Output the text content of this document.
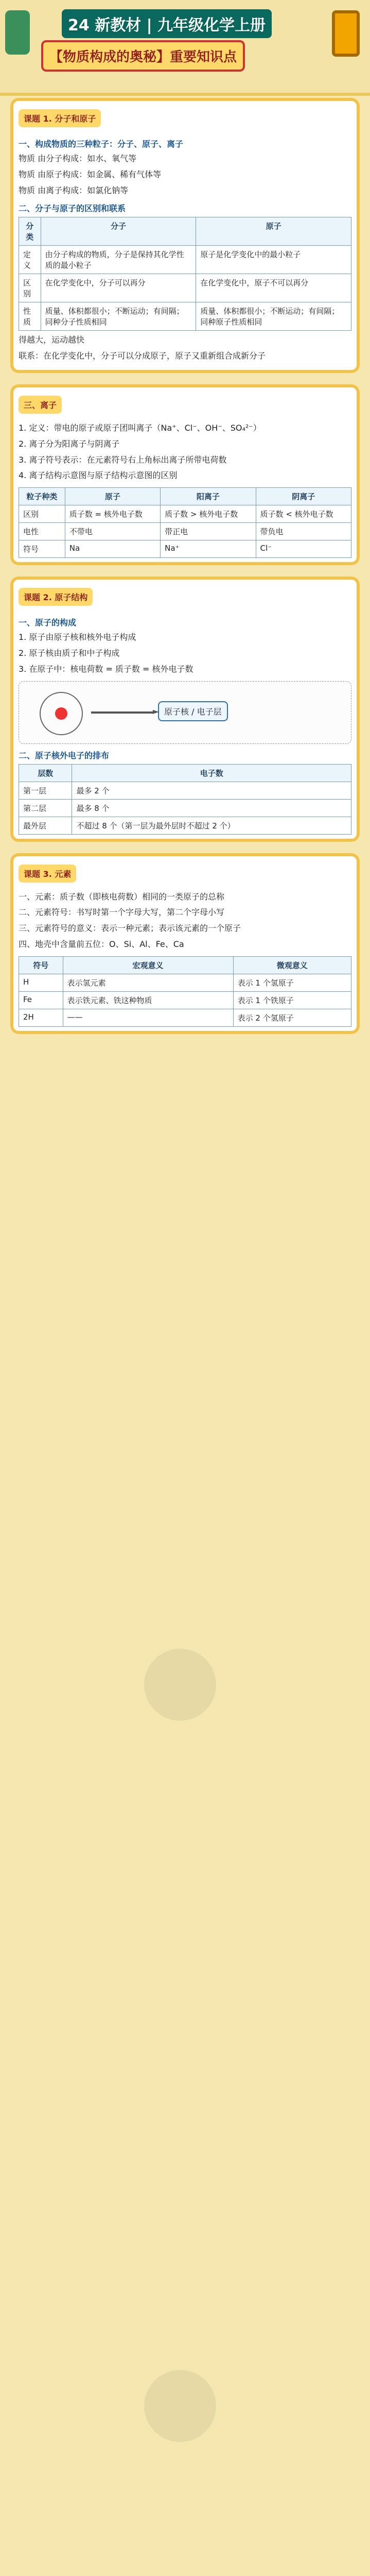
24 新教材 | 九年级化学上册
【物质构成的奥秘】重要知识点
课题 1. 分子和原子
一、构成物质的三种粒子：分子、原子、离子
物质 由分子构成：如水、氧气等
物质 由原子构成：如金属、稀有气体等
物质 由离子构成：如氯化钠等
二、分子与原子的区别和联系
分类	分子	原子
定义	由分子构成的物质，分子是保持其化学性质的最小粒子	原子是化学变化中的最小粒子
区别	在化学变化中，分子可以再分	在化学变化中，原子不可以再分
性质	质量、体积都很小；不断运动；有间隔；同种分子性质相同	质量、体积都很小；不断运动；有间隔；同种原子性质相同
得越大，运动越快
联系：在化学变化中，分子可以分成原子，原子又重新组合成新分子
三、离子
1. 定义：带电的原子或原子团叫离子（Na⁺、Cl⁻、OH⁻、SO₄²⁻）
2. 离子分为阳离子与阴离子
3. 离子符号表示：在元素符号右上角标出离子所带电荷数
4. 离子结构示意图与原子结构示意图的区别
粒子种类	原子	阳离子	阴离子
区别	质子数 = 核外电子数	质子数 > 核外电子数	质子数 < 核外电子数
电性	不带电	带正电	带负电
符号	Na	Na⁺	Cl⁻
课题 2. 原子结构
一、原子的构成
1. 原子由原子核和核外电子构成
2. 原子核由质子和中子构成
3. 在原子中：核电荷数 = 质子数 = 核外电子数
►
原子核 / 电子层
二、原子核外电子的排布
层数	电子数
第一层	最多 2 个
第二层	最多 8 个
最外层	不超过 8 个（第一层为最外层时不超过 2 个）
课题 3. 元素
一、元素：质子数（即核电荷数）相同的一类原子的总称
二、元素符号：书写时第一个字母大写，第二个字母小写
三、元素符号的意义：表示一种元素；表示该元素的一个原子
四、地壳中含量前五位：O、Si、Al、Fe、Ca
符号	宏观意义	微观意义
H	表示氢元素	表示 1 个氢原子
Fe	表示铁元素、铁这种物质	表示 1 个铁原子
2H	——	表示 2 个氢原子
